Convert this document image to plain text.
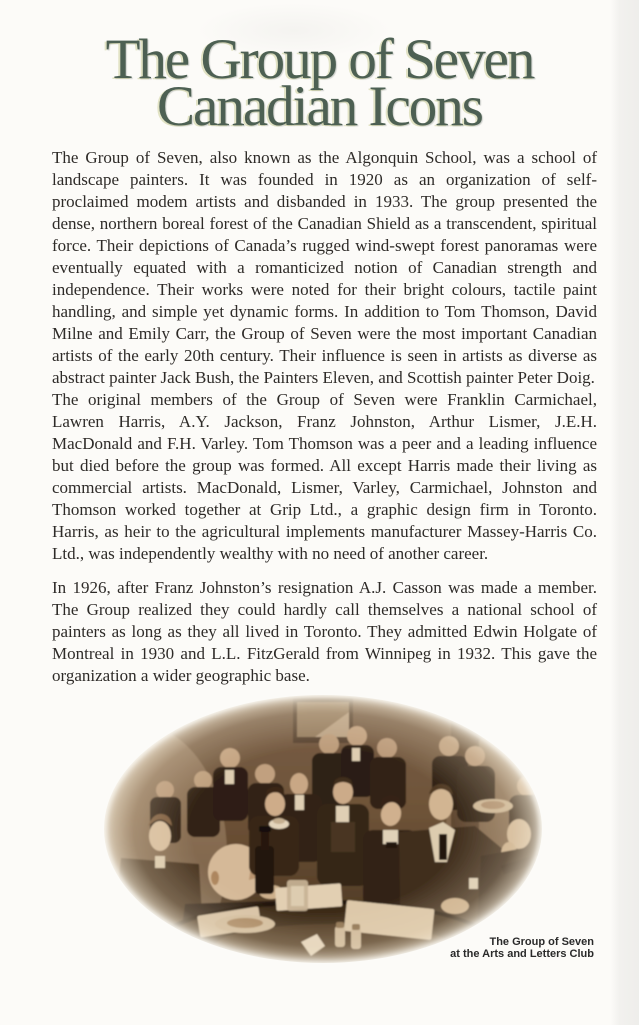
The Group of Seven
Canadian Icons

The Group of Seven, also known as the Algonquin School, was a school of landscape painters. It was founded in 1920 as an organization of self-proclaimed modem artists and disbanded in 1933. The group presented the dense, northern boreal forest of the Canadian Shield as a transcendent, spiritual force. Their depictions of Canada’s rugged wind-swept forest panoramas were eventually equated with a romanticized notion of Canadian strength and independence. Their works were noted for their bright colours, tactile paint handling, and simple yet dynamic forms. In addition to Tom Thomson, David Milne and Emily Carr, the Group of Seven were the most important Canadian artists of the early 20th century. Their influence is seen in artists as diverse as abstract painter Jack Bush, the Painters Eleven, and Scottish painter Peter Doig.

The original members of the Group of Seven were Franklin Carmichael, Lawren Harris, A.Y. Jackson, Franz Johnston, Arthur Lismer, J.E.H. MacDonald and F.H. Varley. Tom Thomson was a peer and a leading influence but died before the group was formed. All except Harris made their living as commercial artists. MacDonald, Lismer, Varley, Carmichael, Johnston and Thomson worked together at Grip Ltd., a graphic design firm in Toronto. Harris, as heir to the agricultural implements manufacturer Massey-Harris Co. Ltd., was independently wealthy with no need of another career.

In 1926, after Franz Johnston’s resignation A.J. Casson was made a member. The Group realized they could hardly call themselves a national school of painters as long as they all lived in Toronto. They admitted Edwin Holgate of Montreal in 1930 and L.L. FitzGerald from Winnipeg in 1932. This gave the organization a wider geographic base.

The Group of Seven
at the Arts and Letters Club
